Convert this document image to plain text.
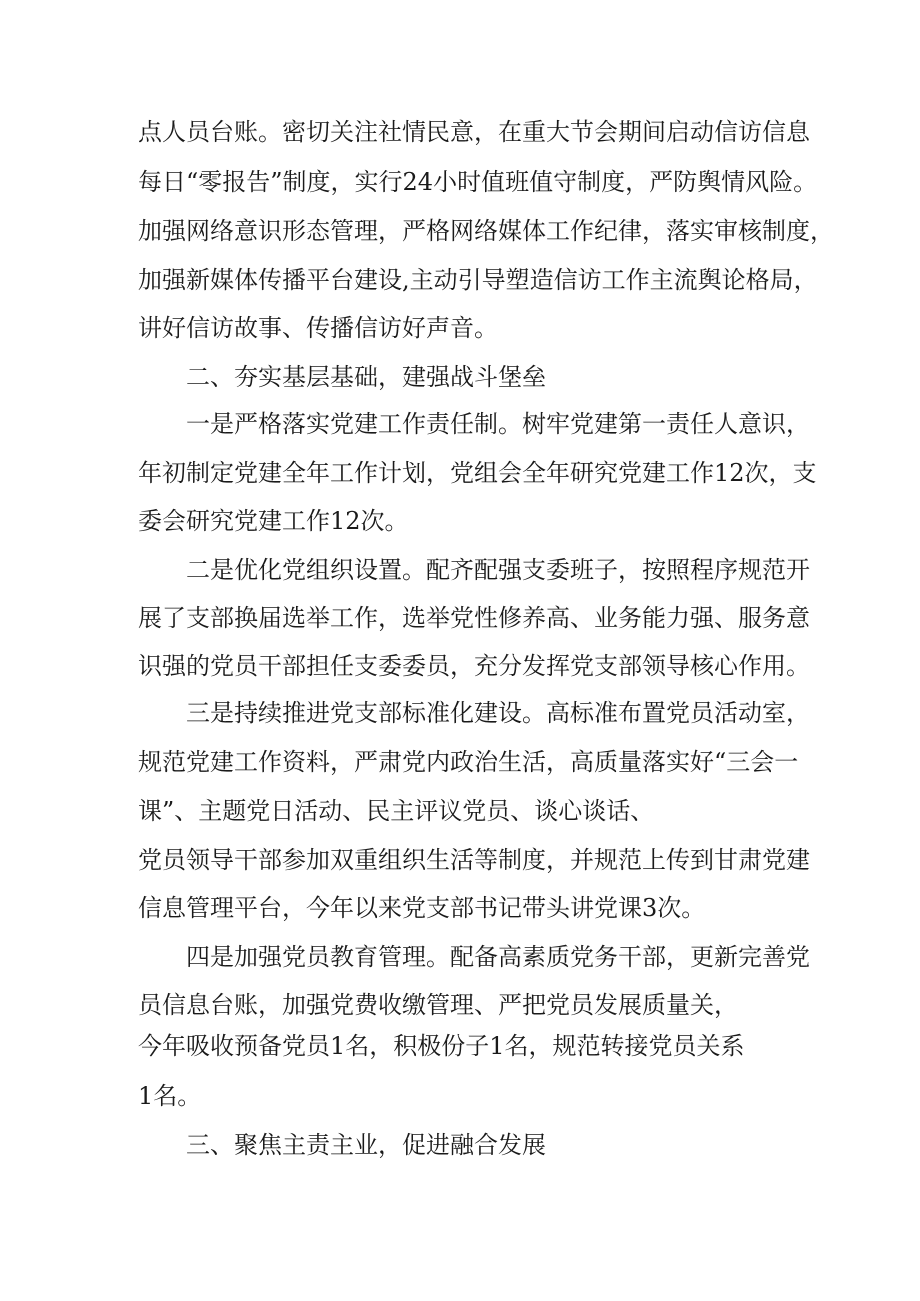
点人员台账。密切关注社情民意，在重大节会期间启动信访信息
每日“零报告”制度，实行24小时值班值守制度，严防舆情风险。
加强网络意识形态管理，严格网络媒体工作纪律，落实审核制度，
加强新媒体传播平台建设,主动引导塑造信访工作主流舆论格局，
讲好信访故事、传播信访好声音。
二、夯实基层基础，建强战斗堡垒
一是严格落实党建工作责任制。树牢党建第一责任人意识，
年初制定党建全年工作计划，党组会全年研究党建工作12次，支
委会研究党建工作12次。
二是优化党组织设置。配齐配强支委班子，按照程序规范开
展了支部换届选举工作，选举党性修养高、业务能力强、服务意
识强的党员干部担任支委委员，充分发挥党支部领导核心作用。
三是持续推进党支部标准化建设。高标准布置党员活动室，
规范党建工作资料，严肃党内政治生活，高质量落实好“三会一
课”、主题党日活动、民主评议党员、谈心谈话、
党员领导干部参加双重组织生活等制度，并规范上传到甘肃党建
信息管理平台，今年以来党支部书记带头讲党课3次。
四是加强党员教育管理。配备高素质党务干部，更新完善党
员信息台账，加强党费收缴管理、严把党员发展质量关，
今年吸收预备党员1名，积极份子1名，规范转接党员关系
1名。
三、聚焦主责主业，促进融合发展
